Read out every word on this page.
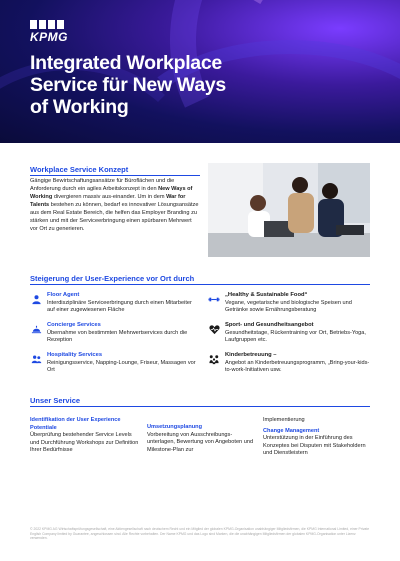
KPMG
Integrated Workplace
Service für New Ways
of Working
Workplace Service Konzept
Gängige Bewirtschaftungsansätze für Büroflächen und die Anforderung durch ein agiles Arbeitskonzept in den New Ways of Working divergieren massiv aus-einander. Um in dem War for Talents bestehen zu können, bedarf es innovativer Lösungsansätze aus dem Real Estate Bereich, die helfen das Employer Branding zu stärken und mit der Serviceerbringung einen spürbaren Mehrwert vor Ort zu generieren.
Steigerung der User-Experience vor Ort durch
Floor Agent
Interdisziplinäre Serviceerbringung durch einen Mitarbeiter auf einer zugewiesenen Fläche
Concierge Services
Übernahme von bestimmten Mehrwertservices durch die Rezeption
Hospitality Services
Reinigungsservice, Napping-Lounge, Friseur, Massagen vor Ort
„Healthy & Sustainable Food“
Vegane, vegetarische und biologische Speisen und Getränke sowie Ernährungsberatung
Sport- und Gesundheitsangebot
Gesundheitstage, Rückentraining vor Ort, Betriebs-Yoga, Laufgruppen etc.
Kinderbetreuung –
Angebot an Kinderbetreuungsprogramm, „Bring-your-kids-to-work-Initiativen usw.
Unser Service
Identifikation der User Experience Potentiale
Überprüfung bestehender Service Levels und Durchführung Workshops zur Definition Ihrer Bedürfnisse
Umsetzungsplanung
Vorbereitung von Ausschreibungs-unterlagen, Bewertung von Angeboten und Milestone-Plan zur
Implementierung
Change Management
Unterstützung in der Einführung des Konzeptes bei Disputen mit Stakeholdern und Dienstleistern
© 2022 KPMG AG Wirtschaftsprüfungsgesellschaft, eine Aktiengesellschaft nach deutschem Recht und ein Mitglied der globalen KPMG-Organisation unabhängiger Mitgliedsfirmen, die KPMG International Limited, einer Private English Company limited by Guarantee, angeschlossen sind. Alle Rechte vorbehalten. Der Name KPMG und das Logo sind Marken, die die unabhängigen Mitgliedsfirmen der globalen KPMG-Organisation unter Lizenz verwenden.
